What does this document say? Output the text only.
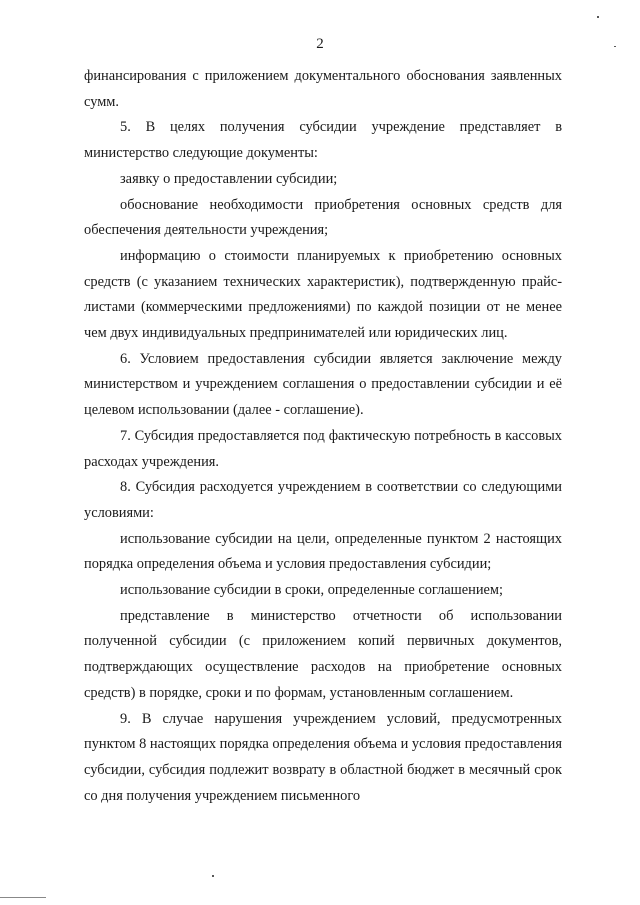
2

финансирования с приложением документального обоснования заявленных сумм.

5. В целях получения субсидии учреждение представляет в министерство следующие документы:

заявку о предоставлении субсидии;

обоснование необходимости приобретения основных средств для обеспечения деятельности учреждения;

информацию о стоимости планируемых к приобретению основных средств (с указанием технических характеристик), подтвержденную прайс-листами (коммерческими предложениями) по каждой позиции от не менее чем двух индивидуальных предпринимателей или юридических лиц.

6. Условием предоставления субсидии является заключение между министерством и учреждением соглашения о предоставлении субсидии и её целевом использовании (далее - соглашение).

7. Субсидия предоставляется под фактическую потребность в кассовых расходах учреждения.

8. Субсидия расходуется учреждением в соответствии со следующими условиями:

использование субсидии на цели, определенные пунктом 2 настоящих порядка определения объема и условия предоставления субсидии;

использование субсидии в сроки, определенные соглашением;

представление в министерство отчетности об использовании полученной субсидии (с приложением копий первичных документов, подтверждающих осуществление расходов на приобретение основных средств) в порядке, сроки и по формам, установленным соглашением.

9. В случае нарушения учреждением условий, предусмотренных пунктом 8 настоящих порядка определения объема и условия предоставления субсидии, субсидия подлежит возврату в областной бюджет в месячный срок со дня получения учреждением письменного
